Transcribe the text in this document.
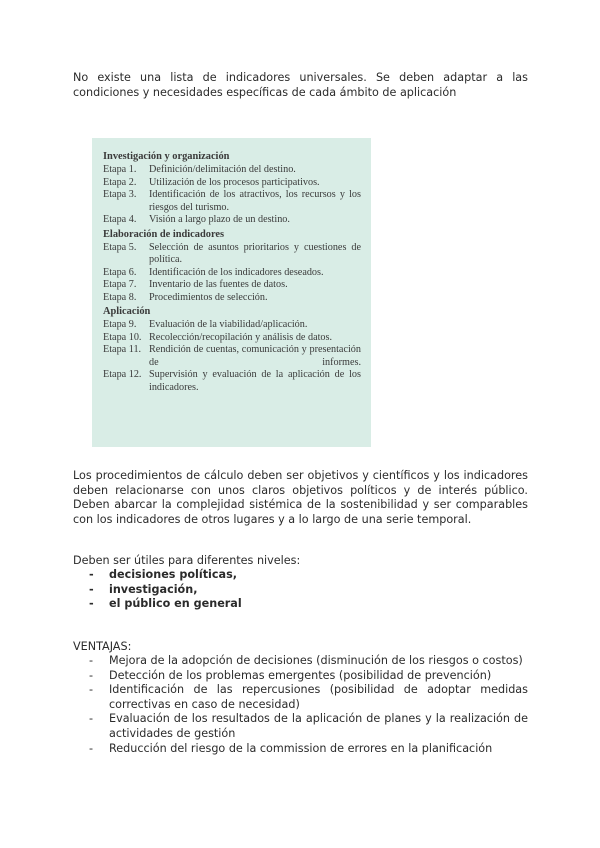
No existe una lista de indicadores universales. Se deben adaptar a las condiciones y necesidades específicas de cada ámbito de aplicación

Investigación y organización
Etapa 1.	Definición/delimitación del destino.
Etapa 2.	Utilización de los procesos participativos.
Etapa 3.	Identificación de los atractivos, los recursos y los riesgos del turismo.
Etapa 4.	Visión a largo plazo de un destino.
Elaboración de indicadores
Etapa 5.	Selección de asuntos prioritarios y cuestiones de política.
Etapa 6.	Identificación de los indicadores deseados.
Etapa 7.	Inventario de las fuentes de datos.
Etapa 8.	Procedimientos de selección.
Aplicación
Etapa 9.	Evaluación de la viabilidad/aplicación.
Etapa 10. Recolección/recopilación y análisis de datos.
Etapa 11. Rendición de cuentas, comunicación y presentación de informes.
Etapa 12. Supervisión y evaluación de la aplicación de los indicadores.

Los procedimientos de cálculo deben ser objetivos y científicos y los indicadores deben relacionarse con unos claros objetivos políticos y de interés público. Deben abarcar la complejidad sistémica de la sostenibilidad y ser comparables con los indicadores de otros lugares y a lo largo de una serie temporal.

Deben ser útiles para diferentes niveles:

- decisiones políticas,
- investigación,
- el público en general

VENTAJAS:

- Mejora de la adopción de decisiones (disminución de los riesgos o costos)
- Detección de los problemas emergentes (posibilidad de prevención)
- Identificación de las repercusiones (posibilidad de adoptar medidas correctivas en caso de necesidad)
- Evaluación de los resultados de la aplicación de planes y la realización de actividades de gestión
- Reducción del riesgo de la commission de errores en la planificación
